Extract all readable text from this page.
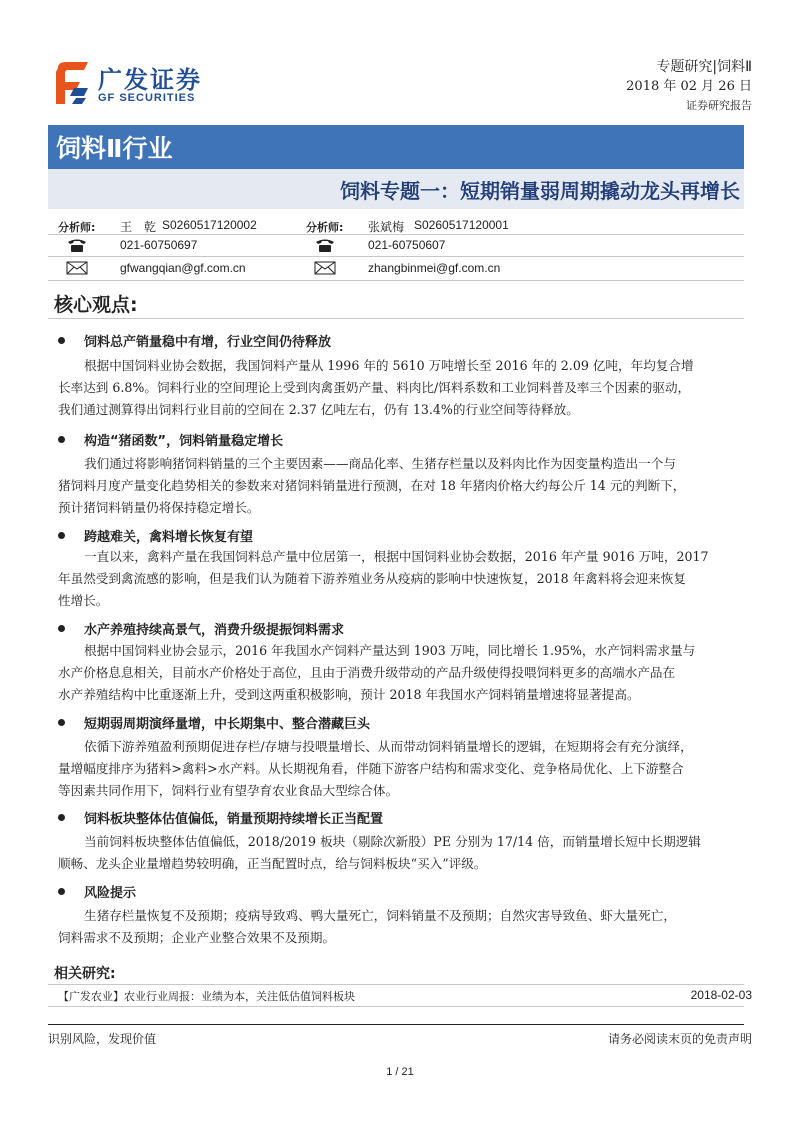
广发证券
GF SECURITIES
专题研究|饲料Ⅱ
2018 年 02 月 26 日
证券研究报告
饲料Ⅱ行业
饲料专题一：短期销量弱周期撬动龙头再增长
分析师: 王　乾 S0260517120002	分析师: 张斌梅 S0260517120001
021-60750697	021-60750607
gfwangqian@gf.com.cn	zhangbinmei@gf.com.cn
核心观点:
饲料总产销量稳中有增，行业空间仍待释放
根据中国饲料业协会数据，我国饲料产量从 1996 年的 5610 万吨增长至 2016 年的 2.09 亿吨，年均复合增
长率达到 6.8%。饲料行业的空间理论上受到肉禽蛋奶产量、料肉比/饵料系数和工业饲料普及率三个因素的驱动，
我们通过测算得出饲料行业目前的空间在 2.37 亿吨左右，仍有 13.4%的行业空间等待释放。
构造“猪函数”，饲料销量稳定增长
我们通过将影响猪饲料销量的三个主要因素——商品化率、生猪存栏量以及料肉比作为因变量构造出一个与
猪饲料月度产量变化趋势相关的参数来对猪饲料销量进行预测，在对 18 年猪肉价格大约每公斤 14 元的判断下，
预计猪饲料销量仍将保持稳定增长。
跨越难关，禽料增长恢复有望
一直以来，禽料产量在我国饲料总产量中位居第一，根据中国饲料业协会数据，2016 年产量 9016 万吨，2017
年虽然受到禽流感的影响，但是我们认为随着下游养殖业务从疫病的影响中快速恢复，2018 年禽料将会迎来恢复
性增长。
水产养殖持续高景气，消费升级提振饲料需求
根据中国饲料业协会显示，2016 年我国水产饲料产量达到 1903 万吨，同比增长 1.95%，水产饲料需求量与
水产价格息息相关，目前水产价格处于高位，且由于消费升级带动的产品升级使得投喂饲料更多的高端水产品在
水产养殖结构中比重逐渐上升，受到这两重积极影响，预计 2018 年我国水产饲料销量增速将显著提高。
短期弱周期演绎量增，中长期集中、整合潜藏巨头
依循下游养殖盈利预期促进存栏/存塘与投喂量增长、从而带动饲料销量增长的逻辑，在短期将会有充分演绎，
量增幅度排序为猪料>禽料>水产料。从长期视角看，伴随下游客户结构和需求变化、竞争格局优化、上下游整合
等因素共同作用下，饲料行业有望孕育农业食品大型综合体。
饲料板块整体估值偏低，销量预期持续增长正当配置
当前饲料板块整体估值偏低，2018/2019 板块（剔除次新股）PE 分别为 17/14 倍，而销量增长短中长期逻辑
顺畅、龙头企业量增趋势较明确，正当配置时点，给与饲料板块“买入”评级。
风险提示
生猪存栏量恢复不及预期；疫病导致鸡、鸭大量死亡，饲料销量不及预期；自然灾害导致鱼、虾大量死亡，
饲料需求不及预期；企业产业整合效果不及预期。
相关研究:
【广发农业】农业行业周报：业绩为本，关注低估值饲料板块	2018-02-03
识别风险，发现价值	请务必阅读末页的免责声明
1 / 21
